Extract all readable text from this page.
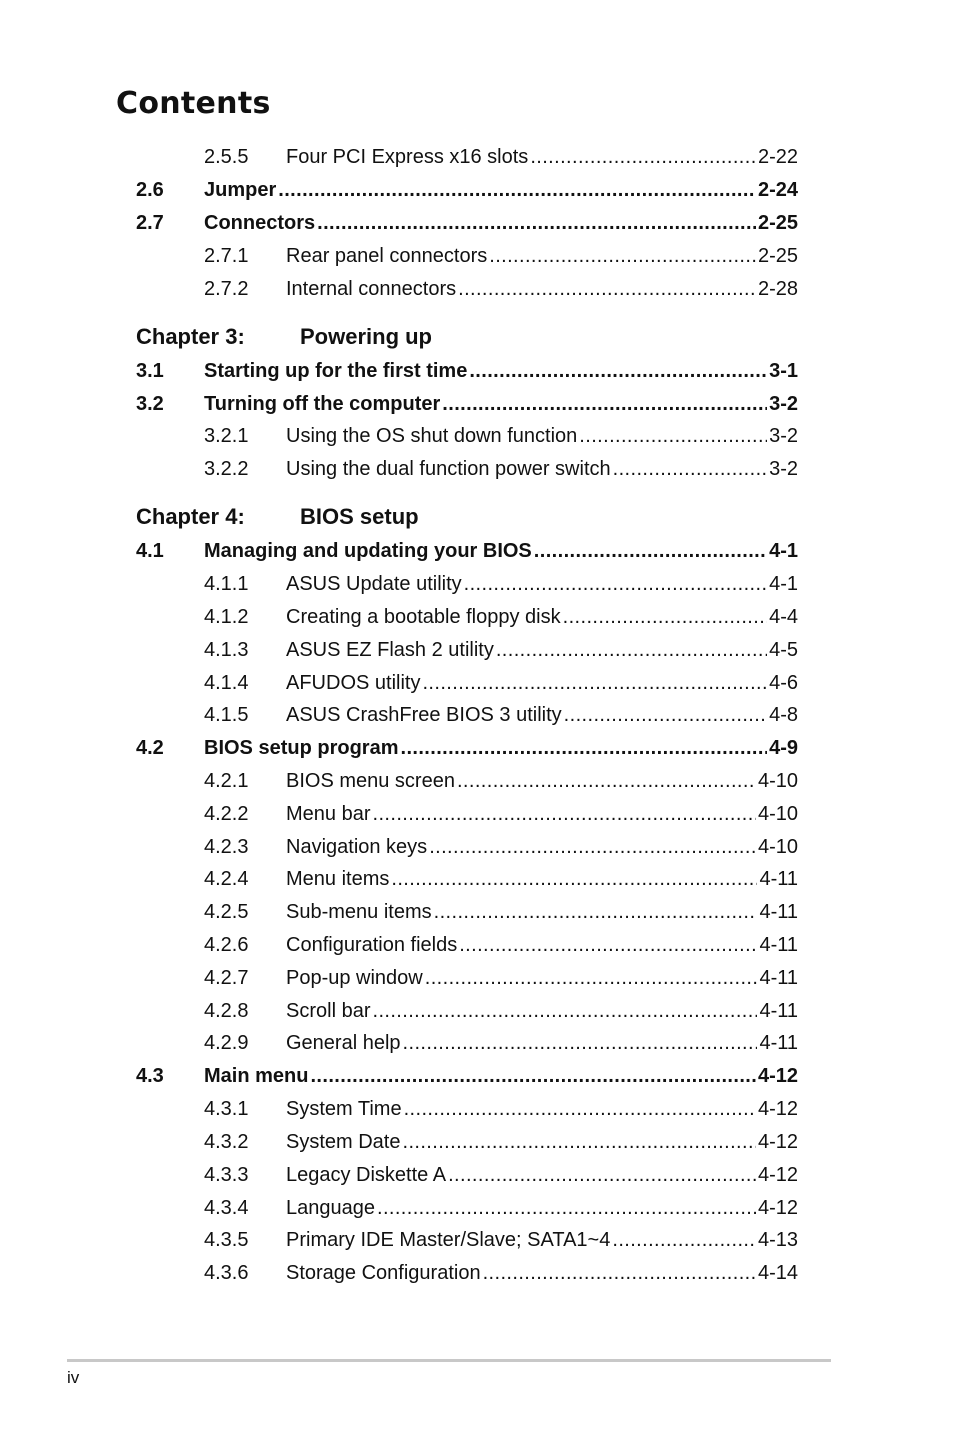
Contents
2.5.5	Four PCI Express x16 slots .....	2-22
2.6	Jumper .....	2-24
2.7	Connectors .....	2-25
2.7.1	Rear panel connectors .....	2-25
2.7.2	Internal connectors .....	2-28
Chapter 3:	Powering up
3.1	Starting up for the first time .....	3-1
3.2	Turning off the computer .....	3-2
3.2.1	Using the OS shut down function .....	3-2
3.2.2	Using the dual function power switch .....	3-2
Chapter 4:	BIOS setup
4.1	Managing and updating your BIOS .....	4-1
4.1.1	ASUS Update utility .....	4-1
4.1.2	Creating a bootable floppy disk .....	4-4
4.1.3	ASUS EZ Flash 2 utility .....	4-5
4.1.4	AFUDOS utility .....	4-6
4.1.5	ASUS CrashFree BIOS 3 utility .....	4-8
4.2	BIOS setup program .....	4-9
4.2.1	BIOS menu screen .....	4-10
4.2.2	Menu bar .....	4-10
4.2.3	Navigation keys .....	4-10
4.2.4	Menu items .....	4-11
4.2.5	Sub-menu items .....	4-11
4.2.6	Configuration fields .....	4-11
4.2.7	Pop-up window .....	4-11
4.2.8	Scroll bar .....	4-11
4.2.9	General help .....	4-11
4.3	Main menu .....	4-12
4.3.1	System Time .....	4-12
4.3.2	System Date .....	4-12
4.3.3	Legacy Diskette A .....	4-12
4.3.4	Language .....	4-12
4.3.5	Primary IDE Master/Slave; SATA1~4 .....	4-13
4.3.6	Storage Configuration .....	4-14
iv
